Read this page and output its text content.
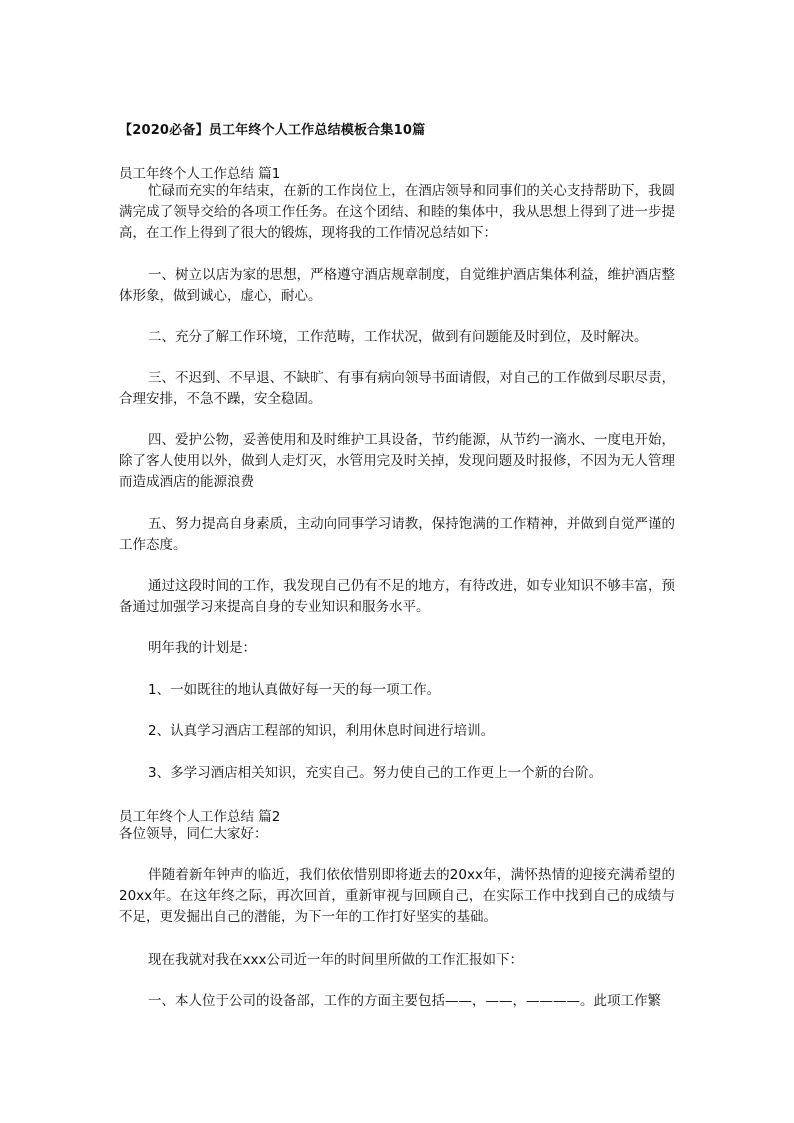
【2020必备】员工年终个人工作总结模板合集10篇
员工年终个人工作总结 篇1

忙碌而充实的年结束，在新的工作岗位上，在酒店领导和同事们的关心支持帮助下，我圆满完成了领导交给的各项工作任务。在这个团结、和睦的集体中，我从思想上得到了进一步提高，在工作上得到了很大的锻炼，现将我的工作情况总结如下：

一、树立以店为家的思想，严格遵守酒店规章制度，自觉维护酒店集体利益，维护酒店整体形象，做到诚心，虚心，耐心。

二、充分了解工作环境，工作范畴，工作状况，做到有问题能及时到位，及时解决。

三、不迟到、不早退、不缺旷、有事有病向领导书面请假，对自己的工作做到尽职尽责，合理安排，不急不躁，安全稳固。

四、爱护公物，妥善使用和及时维护工具设备，节约能源，从节约一滴水、一度电开始，除了客人使用以外，做到人走灯灭，水管用完及时关掉，发现问题及时报修，不因为无人管理而造成酒店的能源浪费

五、努力提高自身素质，主动向同事学习请教，保持饱满的工作精神，并做到自觉严谨的工作态度。

通过这段时间的工作，我发现自己仍有不足的地方，有待改进，如专业知识不够丰富，预备通过加强学习来提高自身的专业知识和服务水平。

明年我的计划是：

1、一如既往的地认真做好每一天的每一项工作。

2、认真学习酒店工程部的知识，利用休息时间进行培训。

3、多学习酒店相关知识，充实自己。努力使自己的工作更上一个新的台阶。

员工年终个人工作总结 篇2

各位领导，同仁大家好：

伴随着新年钟声的临近，我们依依惜别即将逝去的20xx年，满怀热情的迎接充满希望的20xx年。在这年终之际，再次回首，重新审视与回顾自己，在实际工作中找到自己的成绩与不足，更发掘出自己的潜能，为下一年的工作打好坚实的基础。

现在我就对我在xxx公司近一年的时间里所做的工作汇报如下：

一、本人位于公司的设备部，工作的方面主要包括——，——，————。此项工作繁
